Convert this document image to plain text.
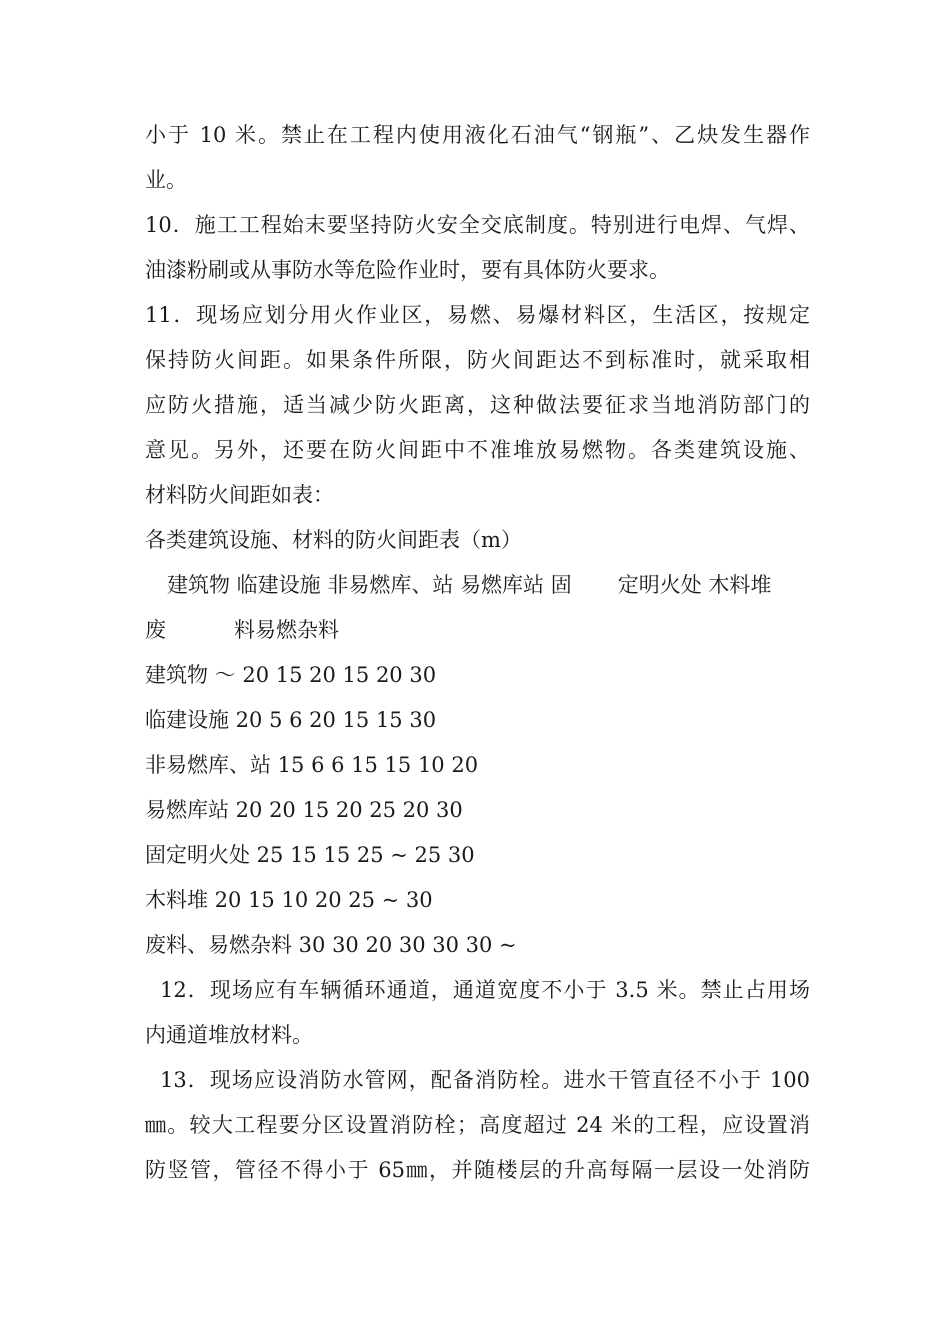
小于 10 米。禁止在工程内使用液化石油气“钢瓶”、乙炔发生器作
业。
10．施工工程始末要坚持防火安全交底制度。特别进行电焊、气焊、
油漆粉刷或从事防水等危险作业时，要有具体防火要求。
11．现场应划分用火作业区，易燃、易爆材料区，生活区，按规定
保持防火间距。如果条件所限，防火间距达不到标准时，就采取相
应防火措施，适当减少防火距离，这种做法要征求当地消防部门的
意见。另外，还要在防火间距中不准堆放易燃物。各类建筑设施、
材料防火间距如表：
各类建筑设施、材料的防火间距表（m）
建筑物 临建设施 非易燃库、站 易燃库站 固 定明火处 木料堆
废	料易燃杂料
建筑物 ～ 20 15 20 15 20 30
临建设施 20 5 6 20 15 15 30
非易燃库、站 15 6 6 15 15 10 20
易燃库站 20 20 15 20 25 20 30
固定明火处 25 15 15 25 ~ 25 30
木料堆 20 15 10 20 25 ~ 30
废料、易燃杂料 30 30 20 30 30 30 ~
12．现场应有车辆循环通道，通道宽度不小于 3.5 米。禁止占用场
内通道堆放材料。
13．现场应设消防水管网，配备消防栓。进水干管直径不小于 100
㎜。较大工程要分区设置消防栓；高度超过 24 米的工程，应设置消
防竖管，管径不得小于 65㎜，并随楼层的升高每隔一层设一处消防
